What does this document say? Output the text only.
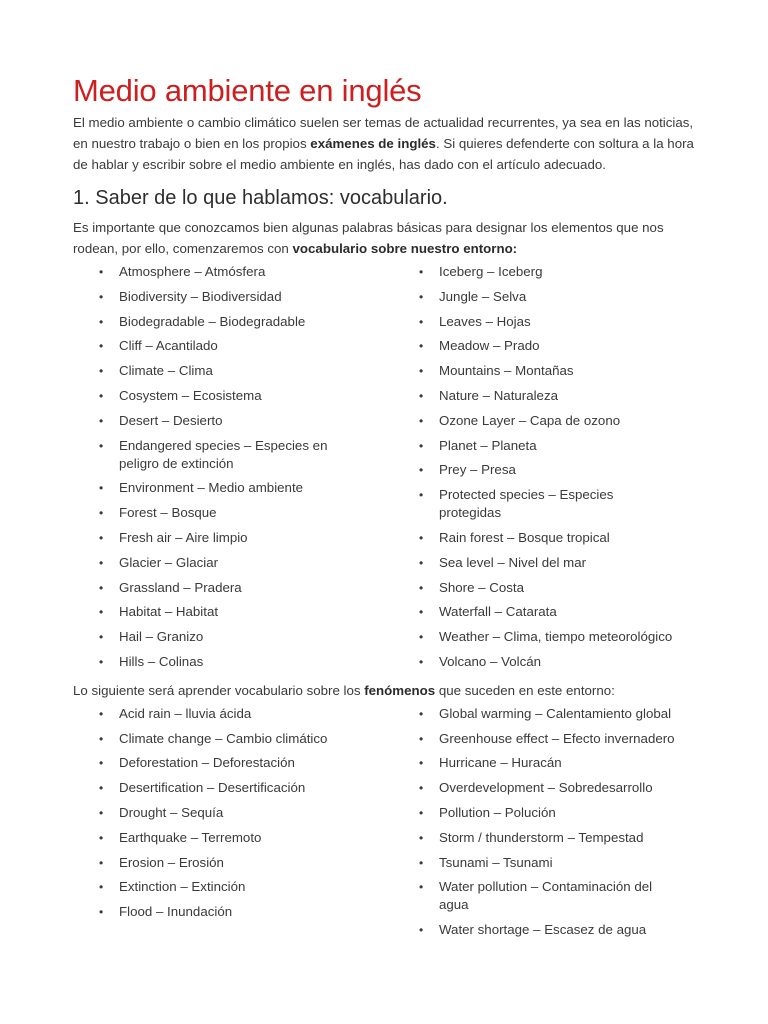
Medio ambiente en inglés

El medio ambiente o cambio climático suelen ser temas de actualidad recurrentes, ya sea en las noticias, en nuestro trabajo o bien en los propios exámenes de inglés. Si quieres defenderte con soltura a la hora de hablar y escribir sobre el medio ambiente en inglés, has dado con el artículo adecuado.

1. Saber de lo que hablamos: vocabulario.

Es importante que conozcamos bien algunas palabras básicas para designar los elementos que nos rodean, por ello, comenzaremos con vocabulario sobre nuestro entorno:

• Atmosphere – Atmósfera
• Biodiversity – Biodiversidad
• Biodegradable – Biodegradable
• Cliff – Acantilado
• Climate – Clima
• Cosystem – Ecosistema
• Desert – Desierto
• Endangered species – Especies en peligro de extinción
• Environment – Medio ambiente
• Forest – Bosque
• Fresh air – Aire limpio
• Glacier – Glaciar
• Grassland – Pradera
• Habitat – Habitat
• Hail – Granizo
• Hills – Colinas
• Iceberg – Iceberg
• Jungle – Selva
• Leaves – Hojas
• Meadow – Prado
• Mountains – Montañas
• Nature – Naturaleza
• Ozone Layer – Capa de ozono
• Planet – Planeta
• Prey – Presa
• Protected species – Especies protegidas
• Rain forest – Bosque tropical
• Sea level – Nivel del mar
• Shore – Costa
• Waterfall – Catarata
• Weather – Clima, tiempo meteorológico
• Volcano – Volcán

Lo siguiente será aprender vocabulario sobre los fenómenos que suceden en este entorno:

• Acid rain – lluvia ácida
• Climate change – Cambio climático
• Deforestation – Deforestación
• Desertification – Desertificación
• Drought – Sequía
• Earthquake – Terremoto
• Erosion – Erosión
• Extinction – Extinción
• Flood – Inundación
• Global warming – Calentamiento global
• Greenhouse effect – Efecto invernadero
• Hurricane – Huracán
• Overdevelopment – Sobredesarrollo
• Pollution – Polución
• Storm / thunderstorm – Tempestad
• Tsunami – Tsunami
• Water pollution – Contaminación del agua
• Water shortage – Escasez de agua
